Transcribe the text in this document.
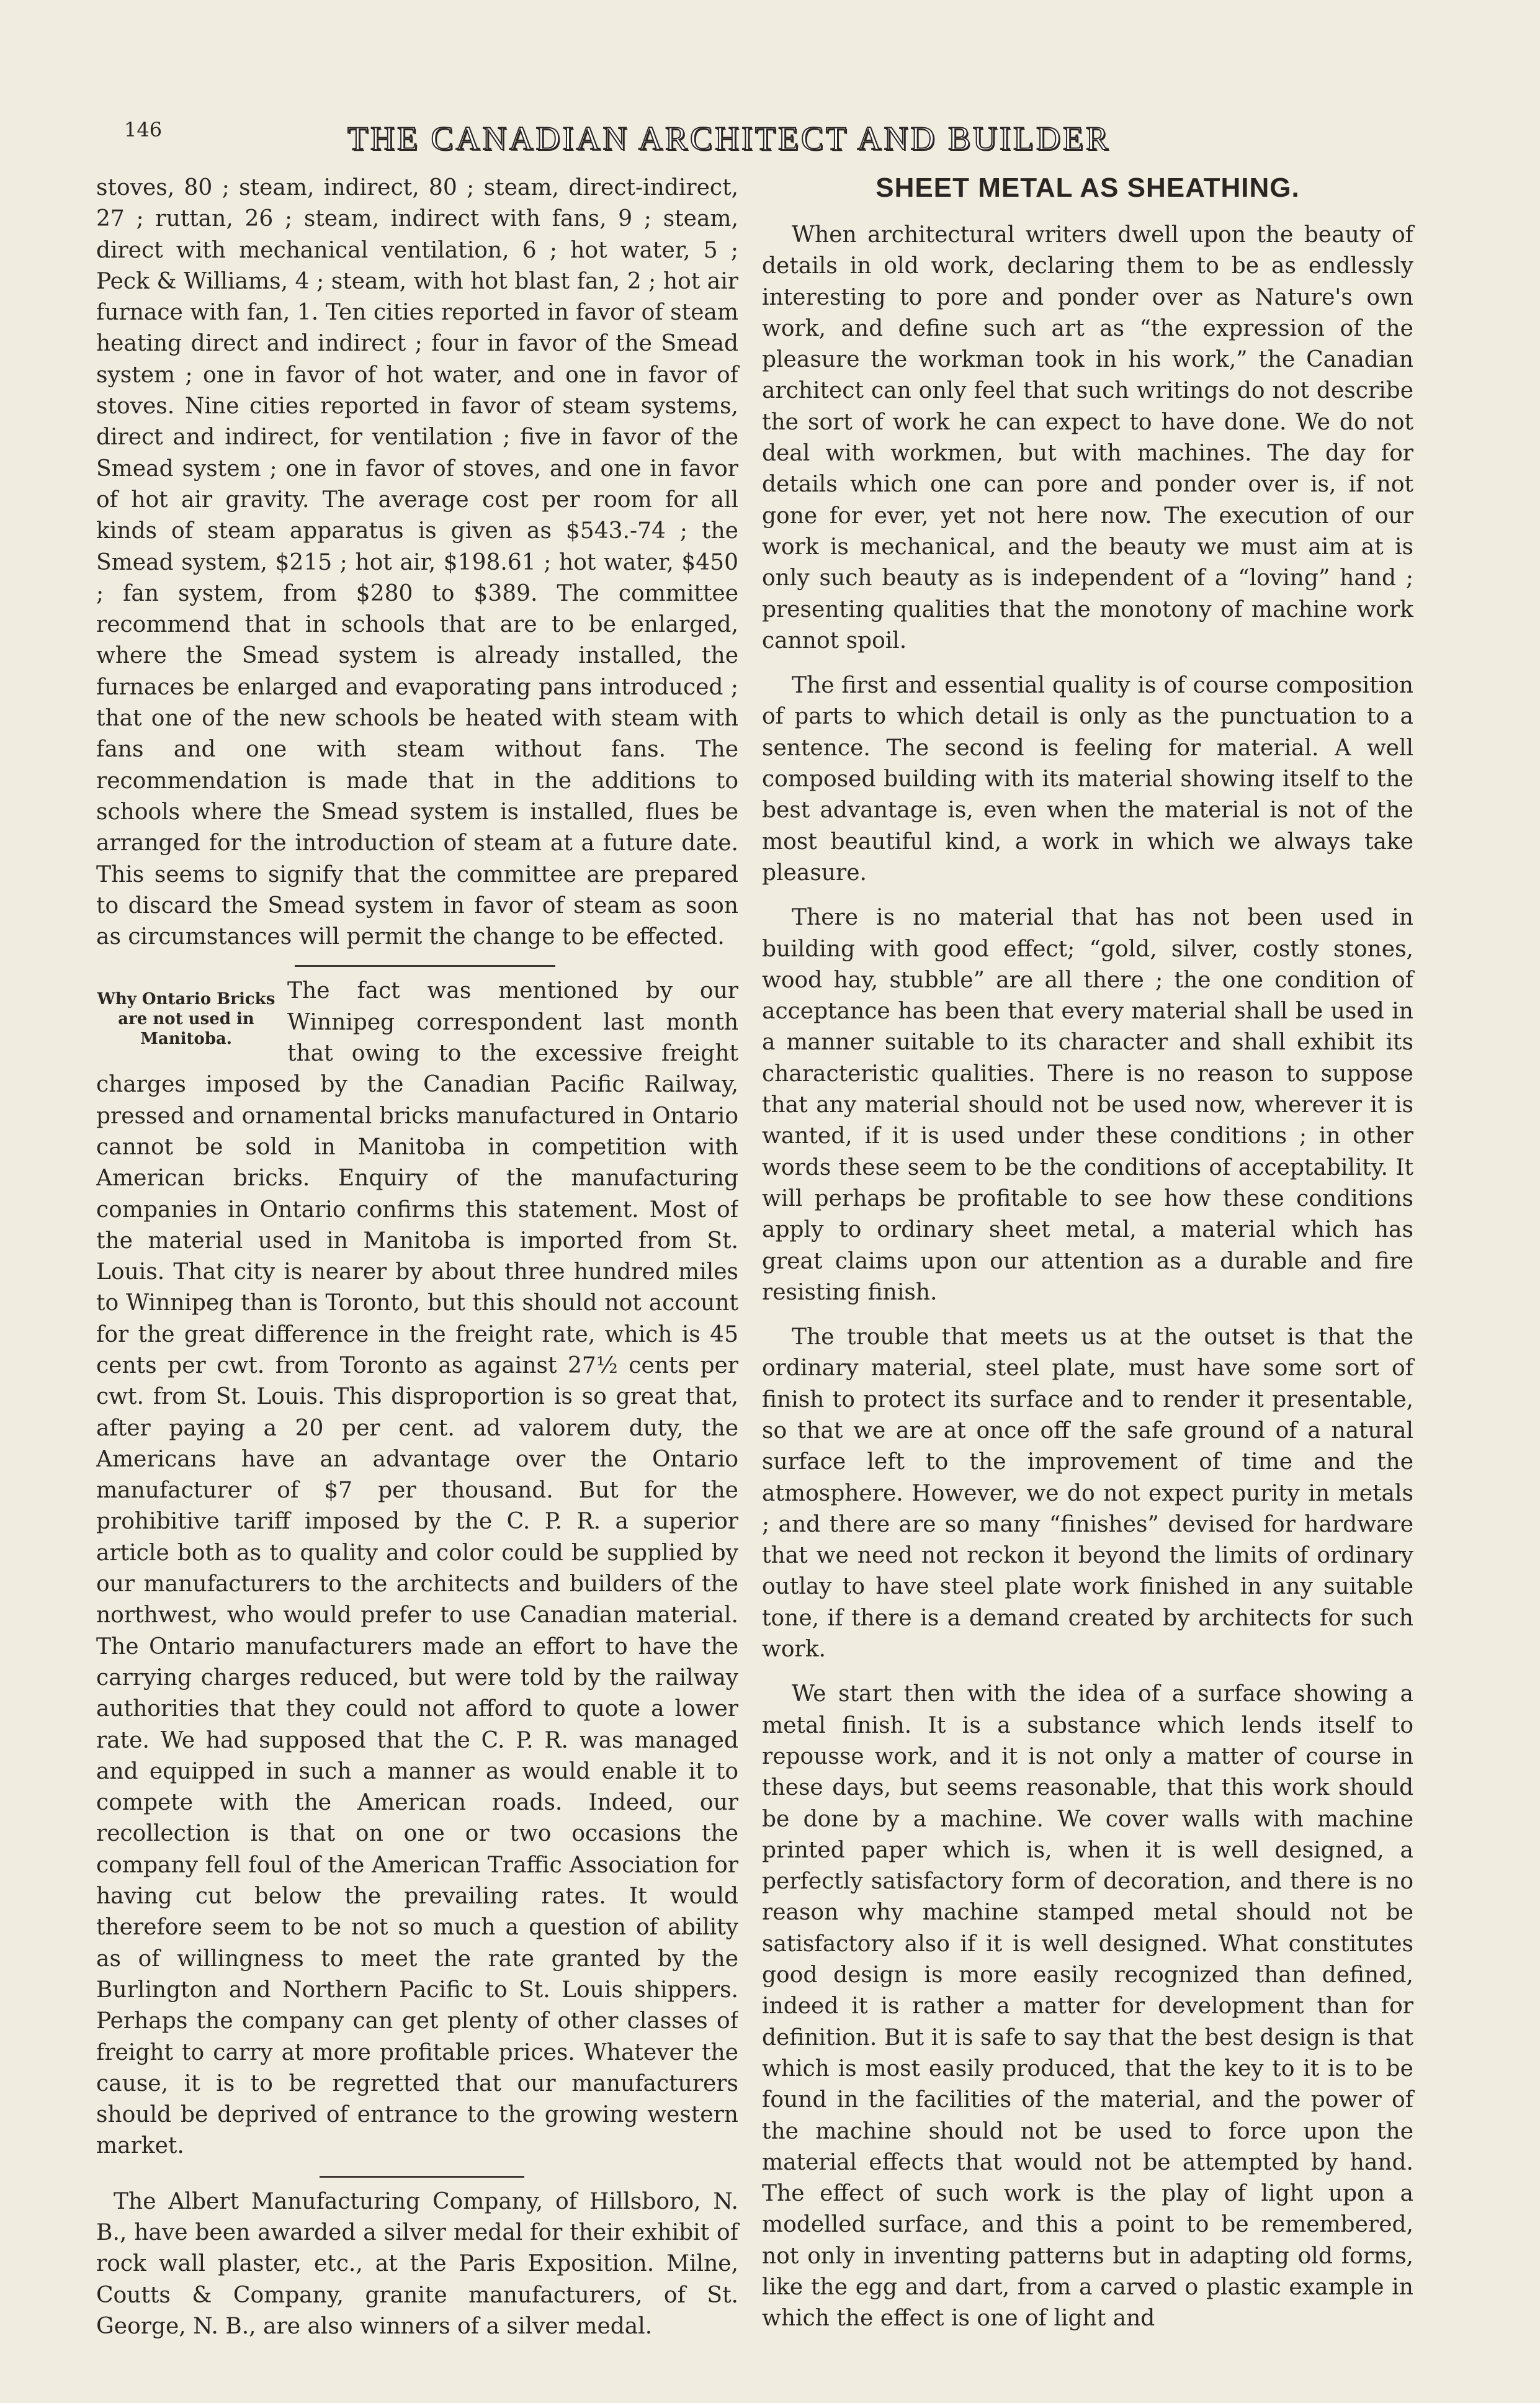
146	THE CANADIAN ARCHITECT AND BUILDER

stoves, 80 ; steam, indirect, 80 ; steam, direct-indirect, 27 ; ruttan, 26 ; steam, indirect with fans, 9 ; steam, direct with mechanical ventilation, 6 ; hot water, 5 ; Peck & Williams, 4 ; steam, with hot blast fan, 2 ; hot air furnace with fan, 1. Ten cities reported in favor of steam heating direct and indirect ; four in favor of the Smead system ; one in favor of hot water, and one in favor of stoves. Nine cities reported in favor of steam systems, direct and indirect, for ventilation ; five in favor of the Smead system ; one in favor of stoves, and one in favor of hot air gravity. The average cost per room for all kinds of steam apparatus is given as $543.-74 ; the Smead system, $215 ; hot air, $198.61 ; hot water, $450 ; fan system, from $280 to $389. The committee recommend that in schools that are to be enlarged, where the Smead system is already installed, the furnaces be enlarged and evaporating pans introduced ; that one of the new schools be heated with steam with fans and one with steam without fans. The recommendation is made that in the additions to schools where the Smead system is installed, flues be arranged for the introduction of steam at a future date. This seems to signify that the committee are prepared to discard the Smead system in favor of steam as soon as circumstances will permit the change to be effected.

Why Ontario Bricks are not used in Manitoba.
The fact was mentioned by our Winnipeg correspondent last month that owing to the excessive freight charges imposed by the Canadian Pacific Railway, pressed and ornamental bricks manufactured in Ontario cannot be sold in Manitoba in competition with American bricks. Enquiry of the manufacturing companies in Ontario confirms this statement. Most of the material used in Manitoba is imported from St. Louis. That city is nearer by about three hundred miles to Winnipeg than is Toronto, but this should not account for the great difference in the freight rate, which is 45 cents per cwt. from Toronto as against 27½ cents per cwt. from St. Louis. This disproportion is so great that, after paying a 20 per cent. ad valorem duty, the Americans have an advantage over the Ontario manufacturer of $7 per thousand. But for the prohibitive tariff imposed by the C. P. R. a superior article both as to quality and color could be supplied by our manufacturers to the architects and builders of the northwest, who would prefer to use Canadian material. The Ontario manufacturers made an effort to have the carrying charges reduced, but were told by the railway authorities that they could not afford to quote a lower rate. We had supposed that the C. P. R. was managed and equipped in such a manner as would enable it to compete with the American roads. Indeed, our recollection is that on one or two occasions the company fell foul of the American Traffic Association for having cut below the prevailing rates. It would therefore seem to be not so much a question of ability as of willingness to meet the rate granted by the Burlington and Northern Pacific to St. Louis shippers. Perhaps the company can get plenty of other classes of freight to carry at more profitable prices. Whatever the cause, it is to be regretted that our manufacturers should be deprived of entrance to the growing western market.

The Albert Manufacturing Company, of Hillsboro, N. B., have been awarded a silver medal for their exhibit of rock wall plaster, etc., at the Paris Exposition. Milne, Coutts & Company, granite manufacturers, of St. George, N. B., are also winners of a silver medal.

SHEET METAL AS SHEATHING.

When architectural writers dwell upon the beauty of details in old work, declaring them to be as endlessly interesting to pore and ponder over as Nature's own work, and define such art as “the expression of the pleasure the workman took in his work,” the Canadian architect can only feel that such writings do not describe the sort of work he can expect to have done. We do not deal with workmen, but with machines. The day for details which one can pore and ponder over is, if not gone for ever, yet not here now. The execution of our work is mechanical, and the beauty we must aim at is only such beauty as is independent of a “loving” hand ; presenting qualities that the monotony of machine work cannot spoil.

The first and essential quality is of course composition of parts to which detail is only as the punctuation to a sentence. The second is feeling for material. A well composed building with its material showing itself to the best advantage is, even when the material is not of the most beautiful kind, a work in which we always take pleasure.

There is no material that has not been used in building with good effect; “gold, silver, costly stones, wood hay, stubble” are all there ; the one condition of acceptance has been that every material shall be used in a manner suitable to its character and shall exhibit its characteristic qualities. There is no reason to suppose that any material should not be used now, wherever it is wanted, if it is used under these conditions ; in other words these seem to be the conditions of acceptability. It will perhaps be profitable to see how these conditions apply to ordinary sheet metal, a material which has great claims upon our attention as a durable and fire resisting finish.

The trouble that meets us at the outset is that the ordinary material, steel plate, must have some sort of finish to protect its surface and to render it presentable, so that we are at once off the safe ground of a natural surface left to the improvement of time and the atmosphere. However, we do not expect purity in metals ; and there are so many “finishes” devised for hardware that we need not reckon it beyond the limits of ordinary outlay to have steel plate work finished in any suitable tone, if there is a demand created by architects for such work.

We start then with the idea of a surface showing a metal finish. It is a substance which lends itself to repousse work, and it is not only a matter of course in these days, but seems reasonable, that this work should be done by a machine. We cover walls with machine printed paper which is, when it is well designed, a perfectly satisfactory form of decoration, and there is no reason why machine stamped metal should not be satisfactory also if it is well designed. What constitutes good design is more easily recognized than defined, indeed it is rather a matter for development than for definition. But it is safe to say that the best design is that which is most easily produced, that the key to it is to be found in the facilities of the material, and the power of the machine should not be used to force upon the material effects that would not be attempted by hand. The effect of such work is the play of light upon a modelled surface, and this a point to be remembered, not only in inventing patterns but in adapting old forms, like the egg and dart, from a carved o plastic example in which the effect is one of light and
